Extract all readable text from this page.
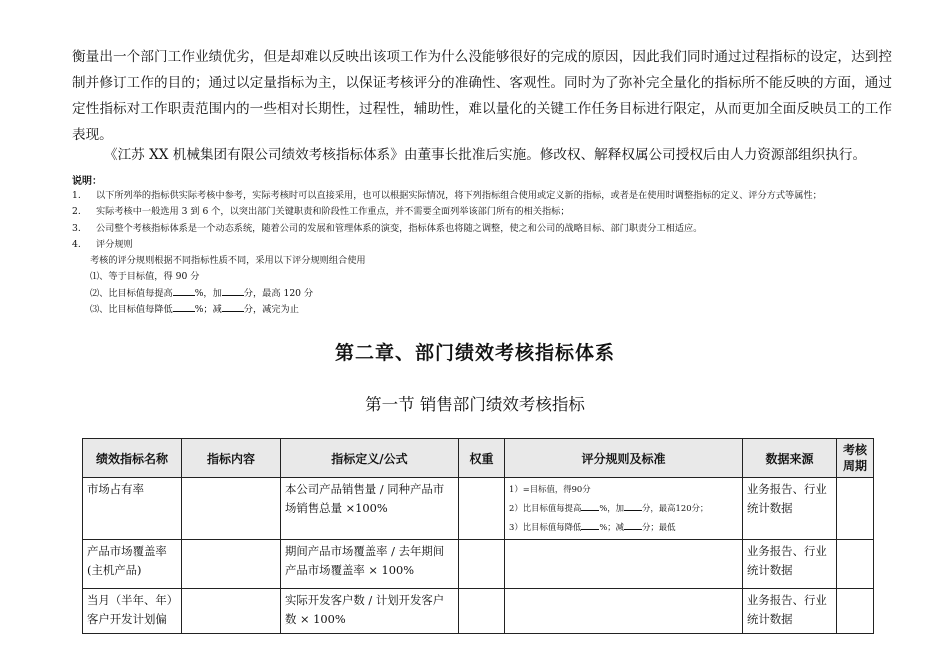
衡量出一个部门工作业绩优劣，但是却难以反映出该项工作为什么没能够很好的完成的原因，因此我们同时通过过程指标的设定，达到控制并修订工作的目的；通过以定量指标为主，以保证考核评分的准确性、客观性。同时为了弥补完全量化的指标所不能反映的方面，通过定性指标对工作职责范围内的一些相对长期性，过程性，辅助性，难以量化的关键工作任务目标进行限定，从而更加全面反映员工的工作表现。

《江苏 XX 机械集团有限公司绩效考核指标体系》由董事长批准后实施。修改权、解释权属公司授权后由人力资源部组织执行。

说明：
1.	以下所列举的指标供实际考核中参考，实际考核时可以直接采用，也可以根据实际情况，将下列指标组合使用或定义新的指标，或者是在使用时调整指标的定义、评分方式等属性；
2.	实际考核中一般选用 3 到 6 个，以突出部门关键职责和阶段性工作重点，并不需要全面列举该部门所有的相关指标；
3.	公司整个考核指标体系是一个动态系统，随着公司的发展和管理体系的演变，指标体系也将随之调整，使之和公司的战略目标、部门职责分工相适应。
4.	评分规则
考核的评分规则根据不同指标性质不同，采用以下评分规则组合使用
⑴、等于目标值，得 90 分
⑵、比目标值每提高 %，加 分，最高 120 分
⑶、比目标值每降低 %；减 分，减完为止
第二章、部门绩效考核指标体系
第一节 销售部门绩效考核指标
绩效指标名称	指标内容	指标定义/公式	权重	评分规则及标准	数据来源	考核周期
市场占有率		本公司产品销售量 / 同种产品市场销售总量 ×100%		1）=目标值，得90分
2）比目标值每提高 %，加 分，最高120分；
3）比目标值每降低 %；减 分；最低	业务报告、行业统计数据	
产品市场覆盖率(主机产品)		期间产品市场覆盖率 / 去年期间产品市场覆盖率 × 100%			业务报告、行业统计数据	
当月（半年、年）客户开发计划偏		实际开发客户数 / 计划开发客户数 × 100%			业务报告、行业统计数据	
